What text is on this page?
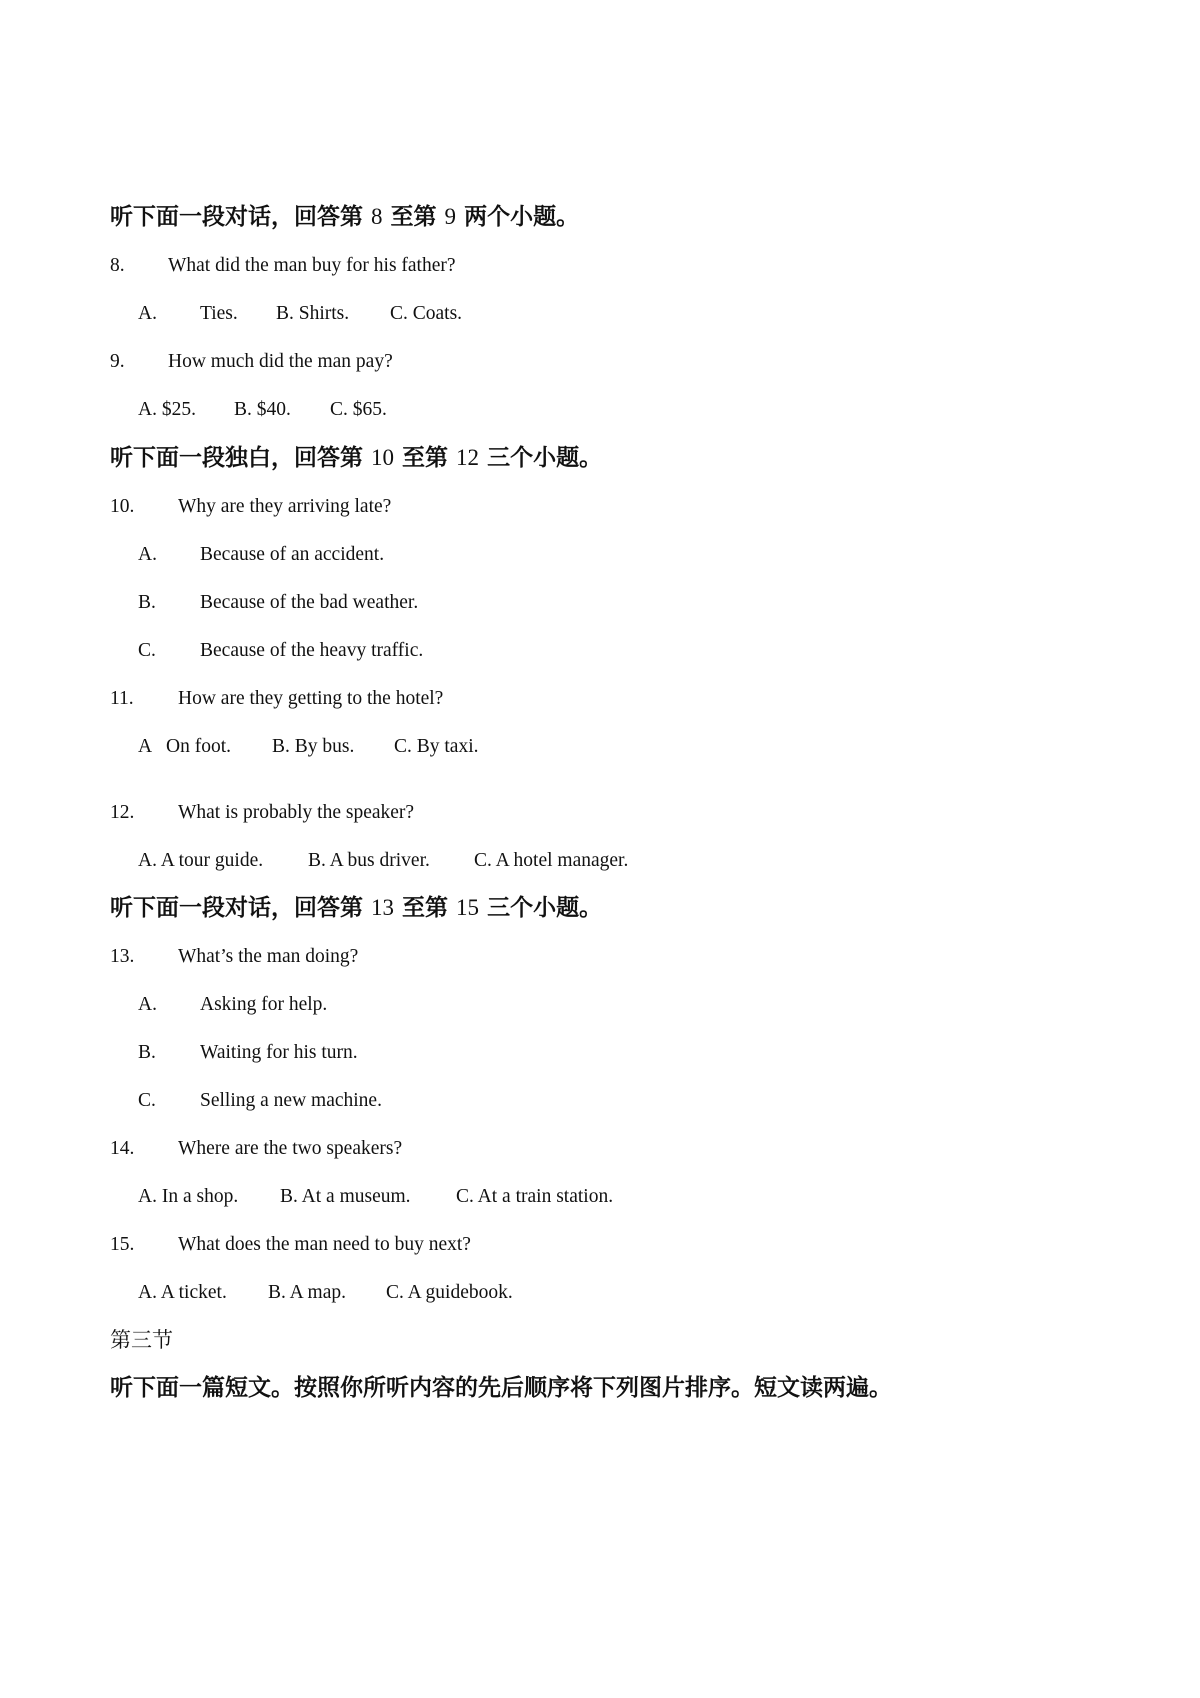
听下面一段对话，回答第 8 至第 9 两个小题。
8. What did the man buy for his father?
A. Ties. B. Shirts. C. Coats.
9. How much did the man pay?
A. $25. B. $40. C. $65.
听下面一段独白，回答第 10 至第 12 三个小题。
10. Why are they arriving late?
A. Because of an accident.
B. Because of the bad weather.
C. Because of the heavy traffic.
11. How are they getting to the hotel?
A On foot. B. By bus. C. By taxi.
12. What is probably the speaker?
A. A tour guide. B. A bus driver. C. A hotel manager.
听下面一段对话，回答第 13 至第 15 三个小题。
13. What’s the man doing?
A. Asking for help.
B. Waiting for his turn.
C. Selling a new machine.
14. Where are the two speakers?
A. In a shop. B. At a museum. C. At a train station.
15. What does the man need to buy next?
A. A ticket. B. A map. C. A guidebook.
第三节
听下面一篇短文。按照你所听内容的先后顺序将下列图片排序。短文读两遍。
